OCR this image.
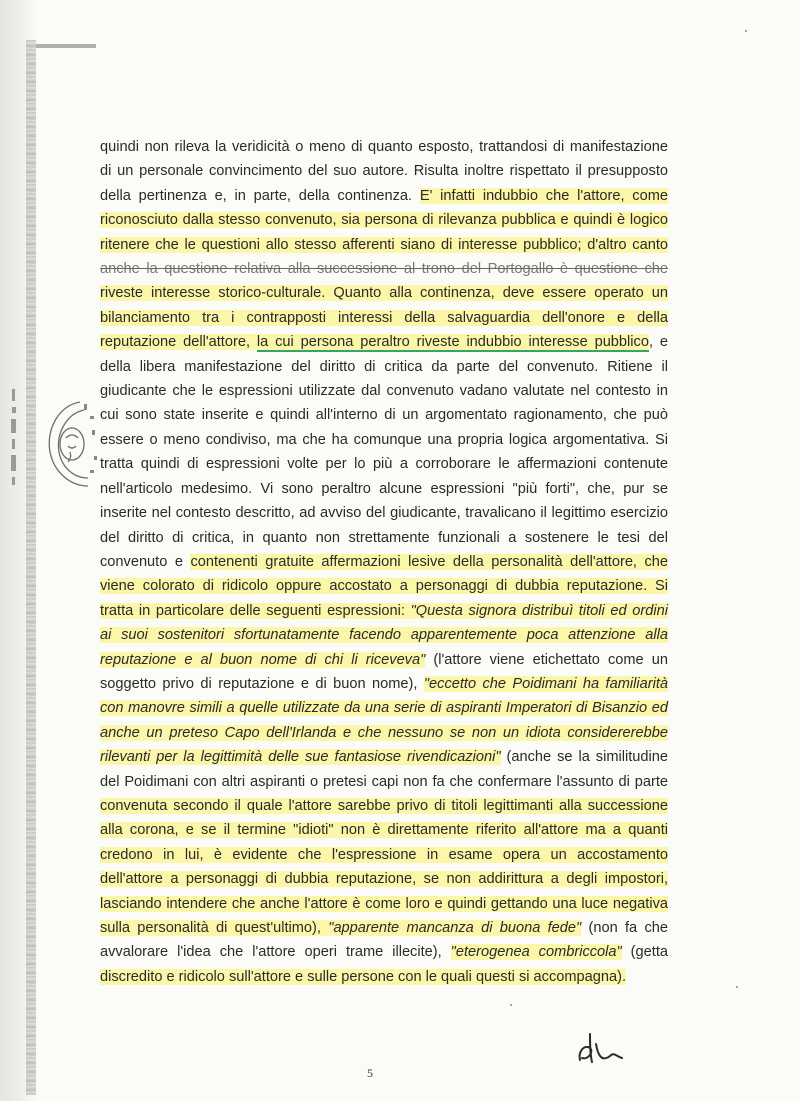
quindi non rileva la veridicità o meno di quanto esposto, trattandosi di manifestazione
di un personale convincimento del suo autore. Risulta inoltre rispettato il presupposto
della pertinenza e, in parte, della continenza. E' infatti indubbio che l'attore, come
riconosciuto dalla stesso convenuto, sia persona di rilevanza pubblica e quindi è logico
ritenere che le questioni allo stesso afferenti siano di interesse pubblico; d'altro canto
anche la questione relativa alla successione al trono del Portogallo è questione che
riveste interesse storico-culturale. Quanto alla continenza, deve essere operato un
bilanciamento tra i contrapposti interessi della salvaguardia dell'onore e della
reputazione dell'attore, la cui persona peraltro riveste indubbio interesse pubblico, e
della libera manifestazione del diritto di critica da parte del convenuto. Ritiene il
giudicante che le espressioni utilizzate dal convenuto vadano valutate nel contesto in
cui sono state inserite e quindi all'interno di un argomentato ragionamento, che può
essere o meno condiviso, ma che ha comunque una propria logica argomentativa. Si
tratta quindi di espressioni volte per lo più a corroborare le affermazioni contenute
nell'articolo medesimo. Vi sono peraltro alcune espressioni "più forti", che, pur se
inserite nel contesto descritto, ad avviso del giudicante, travalicano il legittimo esercizio
del diritto di critica, in quanto non strettamente funzionali a sostenere le tesi del
convenuto e contenenti gratuite affermazioni lesive della personalità dell'attore, che
viene colorato di ridicolo oppure accostato a personaggi di dubbia reputazione. Si
tratta in particolare delle seguenti espressioni: "Questa signora distribuì titoli ed ordini
ai suoi sostenitori sfortunatamente facendo apparentemente poca attenzione alla
reputazione e al buon nome di chi li riceveva" (l'attore viene etichettato come un
soggetto privo di reputazione e di buon nome), "eccetto che Poidimani ha familiarità
con manovre simili a quelle utilizzate da una serie di aspiranti Imperatori di Bisanzio ed
anche un preteso Capo dell'Irlanda e che nessuno se non un idiota considererebbe
rilevanti per la legittimità delle sue fantasiose rivendicazioni" (anche se la similitudine
del Poidimani con altri aspiranti o pretesi capi non fa che confermare l'assunto di parte
convenuta secondo il quale l'attore sarebbe privo di titoli legittimanti alla successione
alla corona, e se il termine "idioti" non è direttamente riferito all'attore ma a quanti
credono in lui, è evidente che l'espressione in esame opera un accostamento
dell'attore a personaggi di dubbia reputazione, se non addirittura a degli impostori,
lasciando intendere che anche l'attore è come loro e quindi gettando una luce negativa
sulla personalità di quest'ultimo), "apparente mancanza di buona fede" (non fa che
avvalorare l'idea che l'attore operi trame illecite), "eterogenea combriccola" (getta
discredito e ridicolo sull'attore e sulle persone con le quali questi si accompagna).
5
